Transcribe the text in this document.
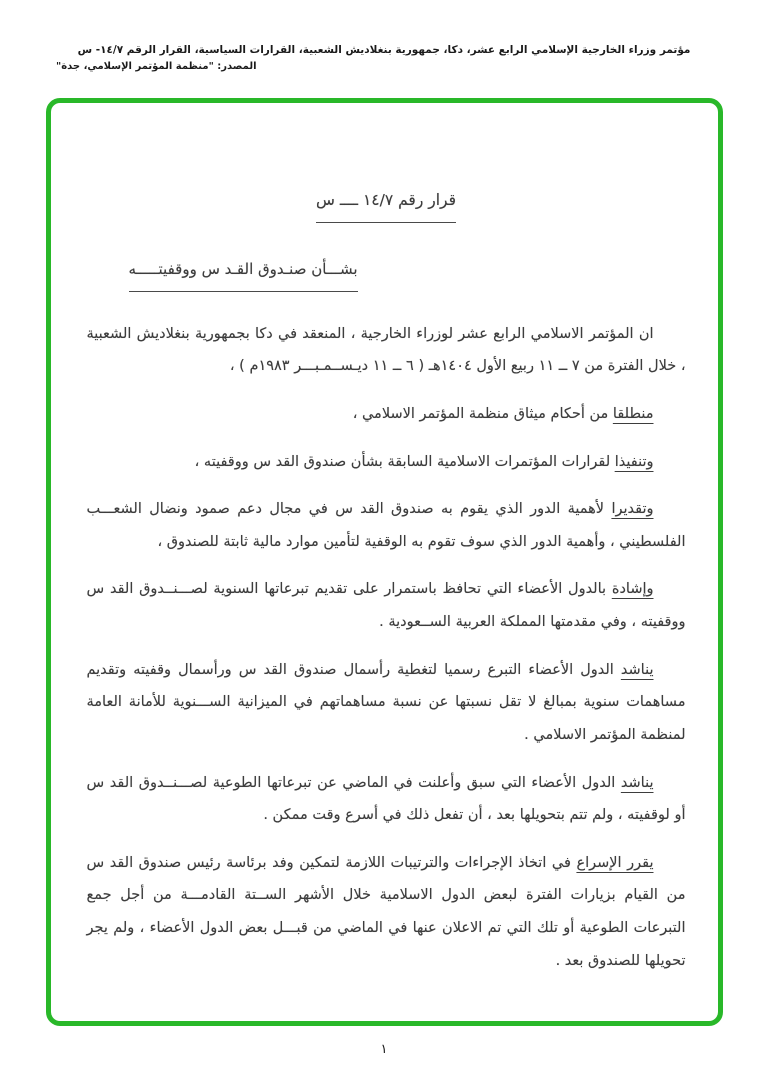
مؤتمر وزراء الخارجية الإسلامي الرابع عشر، دكا، جمهورية بنغلاديش الشعبية، القرارات السياسية، القرار الرقم ١٤/٧- س
المصدر: "منظمة المؤتمر الإسلامي، جدة"
قرار رقم ١٤/٧ ــــ س
بشـــأن صنـدوق القـد س ووقفيتـــــه

ان المؤتمر الاسلامي الرابع عشر لوزراء الخارجية ، المنعقد في دكا بجمهورية بنغلاديش الشعبية ، خلال الفترة من ٧ ــ ١١ ربيع الأول ١٤٠٤هـ ( ٦ ــ ١١ ديـســمـبـــر ١٩٨٣م ) ،

منطلقا من أحكام ميثاق منظمة المؤتمر الاسلامي ،

وتنفيذا لقرارات المؤتمرات الاسلامية السابقة بشأن صندوق القد س ووقفيته ،

وتقديرا لأهمية الدور الذي يقوم به صندوق القد س في مجال دعم صمود ونضال الشعـــب الفلسطيني ، وأهمية الدور الذي سوف تقوم به الوقفية لتأمين موارد مالية ثابتة للصندوق ،

وإشادة بالدول الأعضاء التي تحافظ باستمرار على تقديم تبرعاتها السنوية لصـــنــدوق القد س ووقفيته ، وفي مقدمتها المملكة العربية الســعودية .

يناشد الدول الأعضاء التبرع رسميا لتغطية رأسمال صندوق القد س ورأسمال وقفيته وتقديم مساهمات سنوية بمبالغ لا تقل نسبتها عن نسبة مساهماتهم في الميزانية الســـنوية للأمانة العامة لمنظمة المؤتمر الاسلامي .

يناشد الدول الأعضاء التي سبق وأعلنت في الماضي عن تبرعاتها الطوعية لصـــنــدوق القد س أو لوقفيته ، ولم تتم بتحويلها بعد ، أن تفعل ذلك في أسرع وقت ممكن .

يقرر الإسراع في اتخاذ الإجراءات والترتيبات اللازمة لتمكين وفد برئاسة رئيس صندوق القد س من القيام بزيارات الفترة لبعض الدول الاسلامية خلال الأشهر الســتة القادمـــة من أجل جمع التبرعات الطوعية أو تلك التي تم الاعلان عنها في الماضي من قبـــل بعض الدول الأعضاء ، ولم يجر تحويلها للصندوق بعد .

١
